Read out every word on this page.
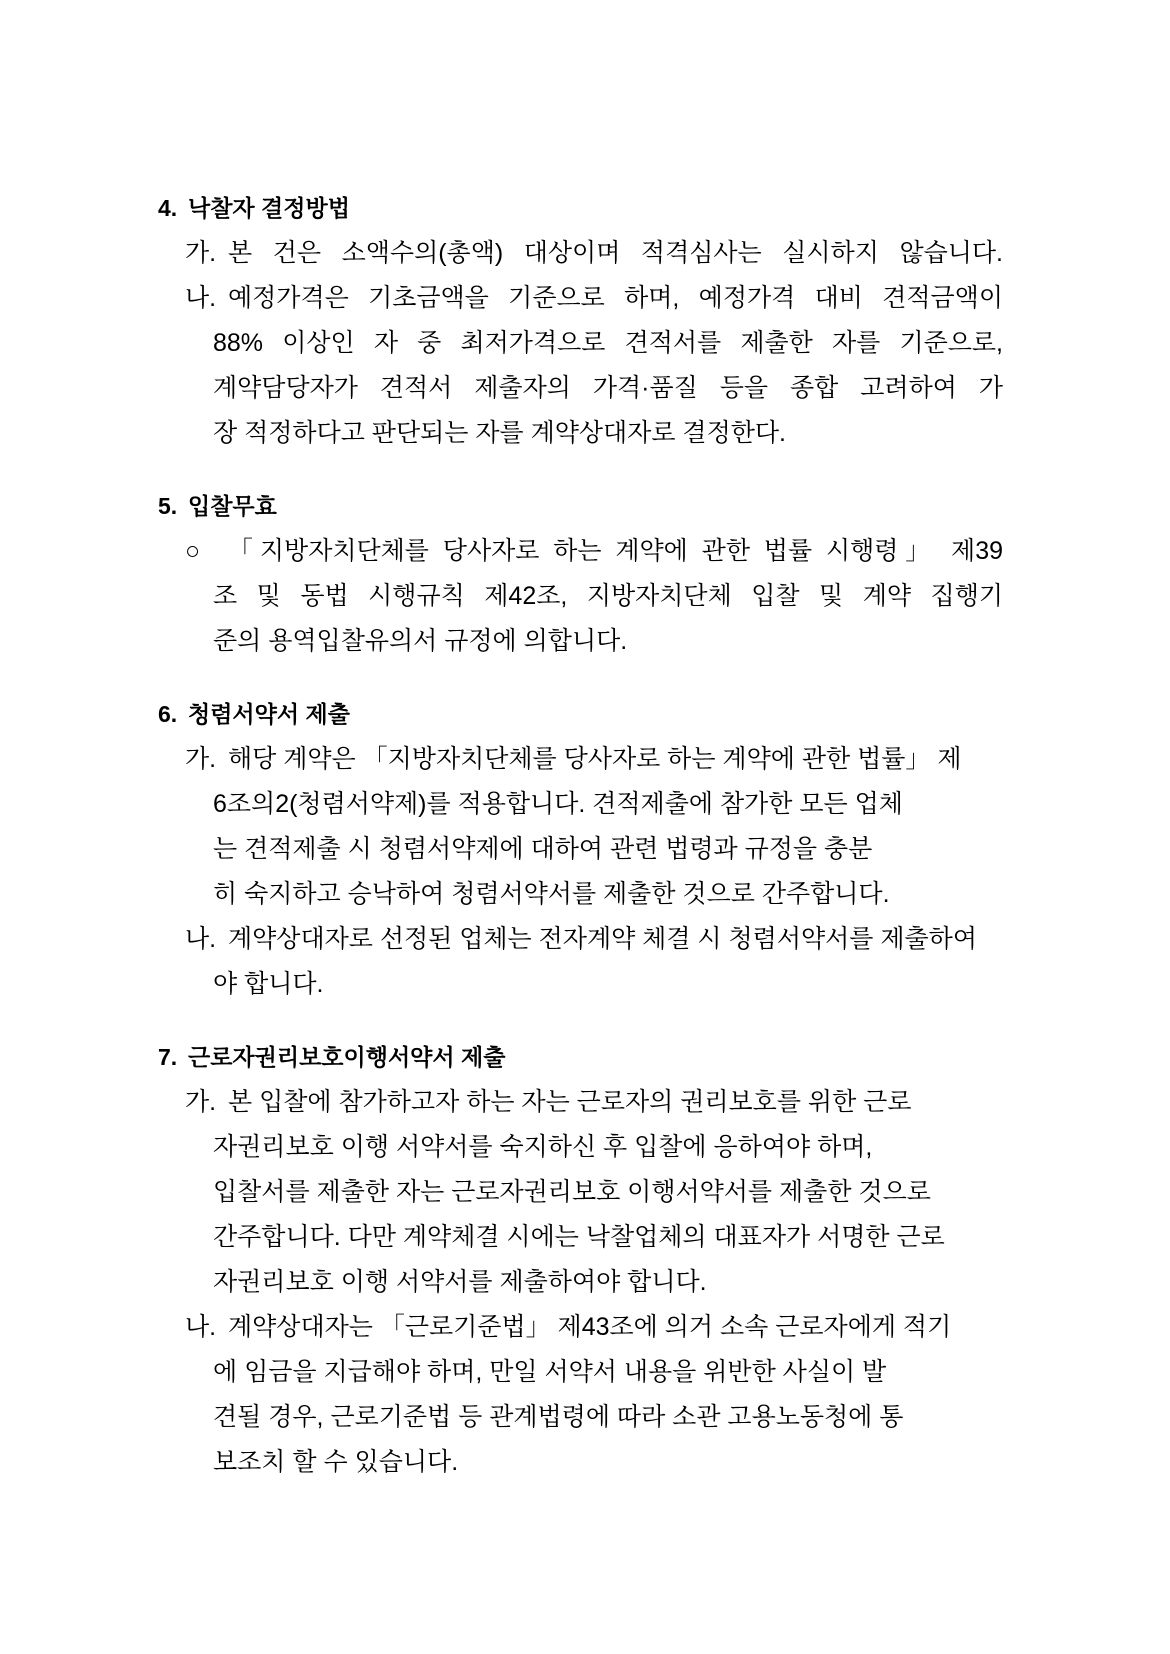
4. 낙찰자 결정방법
가. 본 건은 소액수의(총액) 대상이며 적격심사는 실시하지 않습니다.
나. 예정가격은 기초금액을 기준으로 하며, 예정가격 대비 견적금액이
88% 이상인 자 중 최저가격으로 견적서를 제출한 자를 기준으로,
계약담당자가 견적서 제출자의 가격·품질 등을 종합 고려하여 가
장 적정하다고 판단되는 자를 계약상대자로 결정한다.
5. 입찰무효
○	「지방자치단체를 당사자로 하는 계약에 관한 법률 시행령」 제39
조 및 동법 시행규칙 제42조, 지방자치단체 입찰 및 계약 집행기
준의 용역입찰유의서 규정에 의합니다.
6. 청렴서약서 제출
가. 해당 계약은 「지방자치단체를 당사자로 하는 계약에 관한 법률」 제
6조의2(청렴서약제)를 적용합니다. 견적제출에 참가한 모든 업체
는 견적제출 시 청렴서약제에 대하여 관련 법령과 규정을 충분
히 숙지하고 승낙하여 청렴서약서를 제출한 것으로 간주합니다.
나. 계약상대자로 선정된 업체는 전자계약 체결 시 청렴서약서를 제출하여
야 합니다.
7. 근로자권리보호이행서약서 제출
가. 본 입찰에 참가하고자 하는 자는 근로자의 권리보호를 위한 근로
자권리보호 이행 서약서를 숙지하신 후 입찰에 응하여야 하며,
입찰서를 제출한 자는 근로자권리보호 이행서약서를 제출한 것으로
간주합니다. 다만 계약체결 시에는 낙찰업체의 대표자가 서명한 근로
자권리보호 이행 서약서를 제출하여야 합니다.
나. 계약상대자는 「근로기준법」 제43조에 의거 소속 근로자에게 적기
에 임금을 지급해야 하며, 만일 서약서 내용을 위반한 사실이 발
견될 경우, 근로기준법 등 관계법령에 따라 소관 고용노동청에 통
보조치 할 수 있습니다.
